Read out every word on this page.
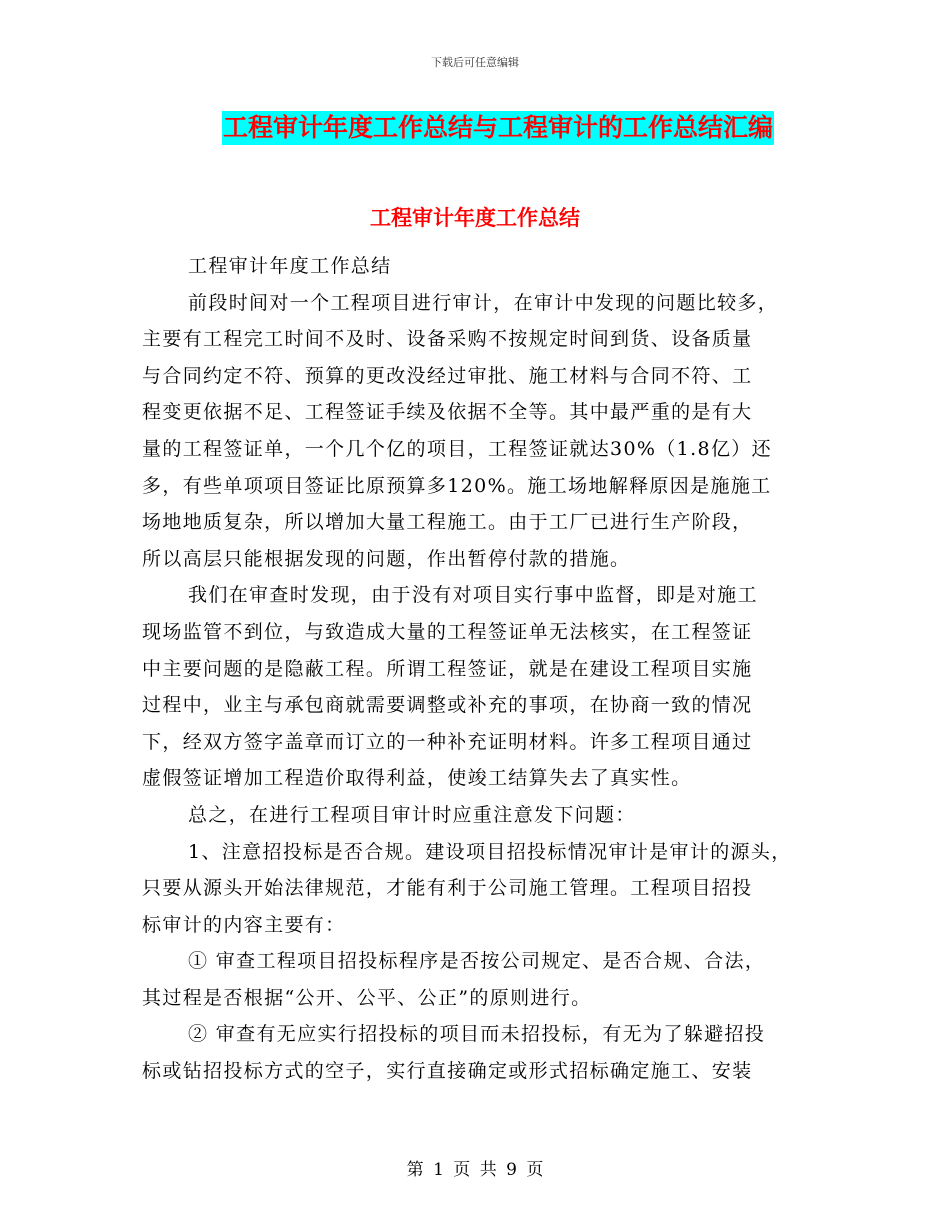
下载后可任意编辑
工程审计年度工作总结与工程审计的工作总结汇编
工程审计年度工作总结
工程审计年度工作总结
前段时间对一个工程项目进行审计，在审计中发现的问题比较多，
主要有工程完工时间不及时、设备采购不按规定时间到货、设备质量
与合同约定不符、预算的更改没经过审批、施工材料与合同不符、工
程变更依据不足、工程签证手续及依据不全等。其中最严重的是有大
量的工程签证单，一个几个亿的项目，工程签证就达30%（1.8亿）还
多，有些单项项目签证比原预算多120%。施工场地解释原因是施施工
场地地质复杂，所以增加大量工程施工。由于工厂已进行生产阶段，
所以高层只能根据发现的问题，作出暂停付款的措施。
我们在审查时发现，由于没有对项目实行事中监督，即是对施工
现场监管不到位，与致造成大量的工程签证单无法核实，在工程签证
中主要问题的是隐蔽工程。所谓工程签证，就是在建设工程项目实施
过程中，业主与承包商就需要调整或补充的事项，在协商一致的情况
下，经双方签字盖章而订立的一种补充证明材料。许多工程项目通过
虚假签证增加工程造价取得利益，使竣工结算失去了真实性。
总之，在进行工程项目审计时应重注意发下问题：
1、注意招投标是否合规。建设项目招投标情况审计是审计的源头，
只要从源头开始法律规范，才能有利于公司施工管理。工程项目招投
标审计的内容主要有：
① 审查工程项目招投标程序是否按公司规定、是否合规、合法，
其过程是否根据“公开、公平、公正”的原则进行。
② 审查有无应实行招投标的项目而未招投标，有无为了躲避招投
标或钻招投标方式的空子，实行直接确定或形式招标确定施工、安装
第 1 页 共 9 页
